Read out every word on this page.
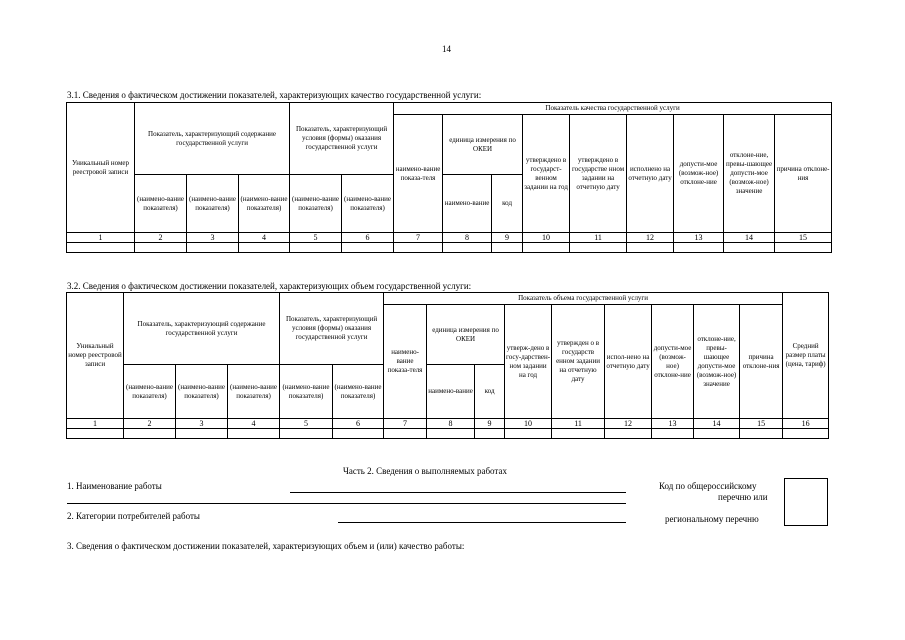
14
3.1. Сведения о фактическом достижении показателей, характеризующих качество государственной услуги:
Уникальный номер реестровой записи	Показатель, характеризующий содержание государственной услуги			Показатель, характеризующий условия (формы) оказания государственной услуги		Показатель качества государственной услуги								
						наимено-вание показа-теля	единица измерения по ОКЕИ		утверждено в государст-венном задании на год	утверждено в государстве нном задании на отчетную дату	исполнено на отчетную дату	допусти-мое (возмож-ное) отклоне-ние	отклоне-ние, превы-шающее допусти-мое (возмож-ное) значение	причина отклоне-ния
	(наимено-вание показателя)	(наимено-вание показателя)	(наимено-вание показателя)	(наимено-вание показателя)	(наимено-вание показателя)		наимено-вание	код						
1	2	3	4	5	6	7	8	9	10	11	12	13	14	15

3.2. Сведения о фактическом достижении показателей, характеризующих объем государственной услуги:
Уникальный номер реестровой записи	Показатель, характеризующий содержание государственной услуги			Показатель, характеризующий условия (формы) оказания государственной услуги		Показатель объема государственной услуги									Средний размер платы (цена, тариф)
						наимено-вание показа-теля	единица измерения по ОКЕИ		утверж-дено в госу-дарствен-ном задании на год	утвержден о в государств енном задании на отчетную дату	испол-нено на отчетную дату	допусти-мое (возмож-ное) отклоне-ние	отклоне-ние, превы-шающее допусти-мое (возмож-ное) значение	причина отклоне-ния	
	(наимено-вание показателя)	(наимено-вание показателя)	(наимено-вание показателя)	(наимено-вание показателя)	(наимено-вание показателя)		наимено-вание	код							
1	2	3	4	5	6	7	8	9	10	11	12	13	14	15	16

Часть 2. Сведения о выполняемых работах
1. Наименование работы
2. Категории потребителей работы
Код по общероссийскому
перечню или
региональному перечню
3. Сведения о фактическом достижении показателей, характеризующих объем и (или) качество работы:
